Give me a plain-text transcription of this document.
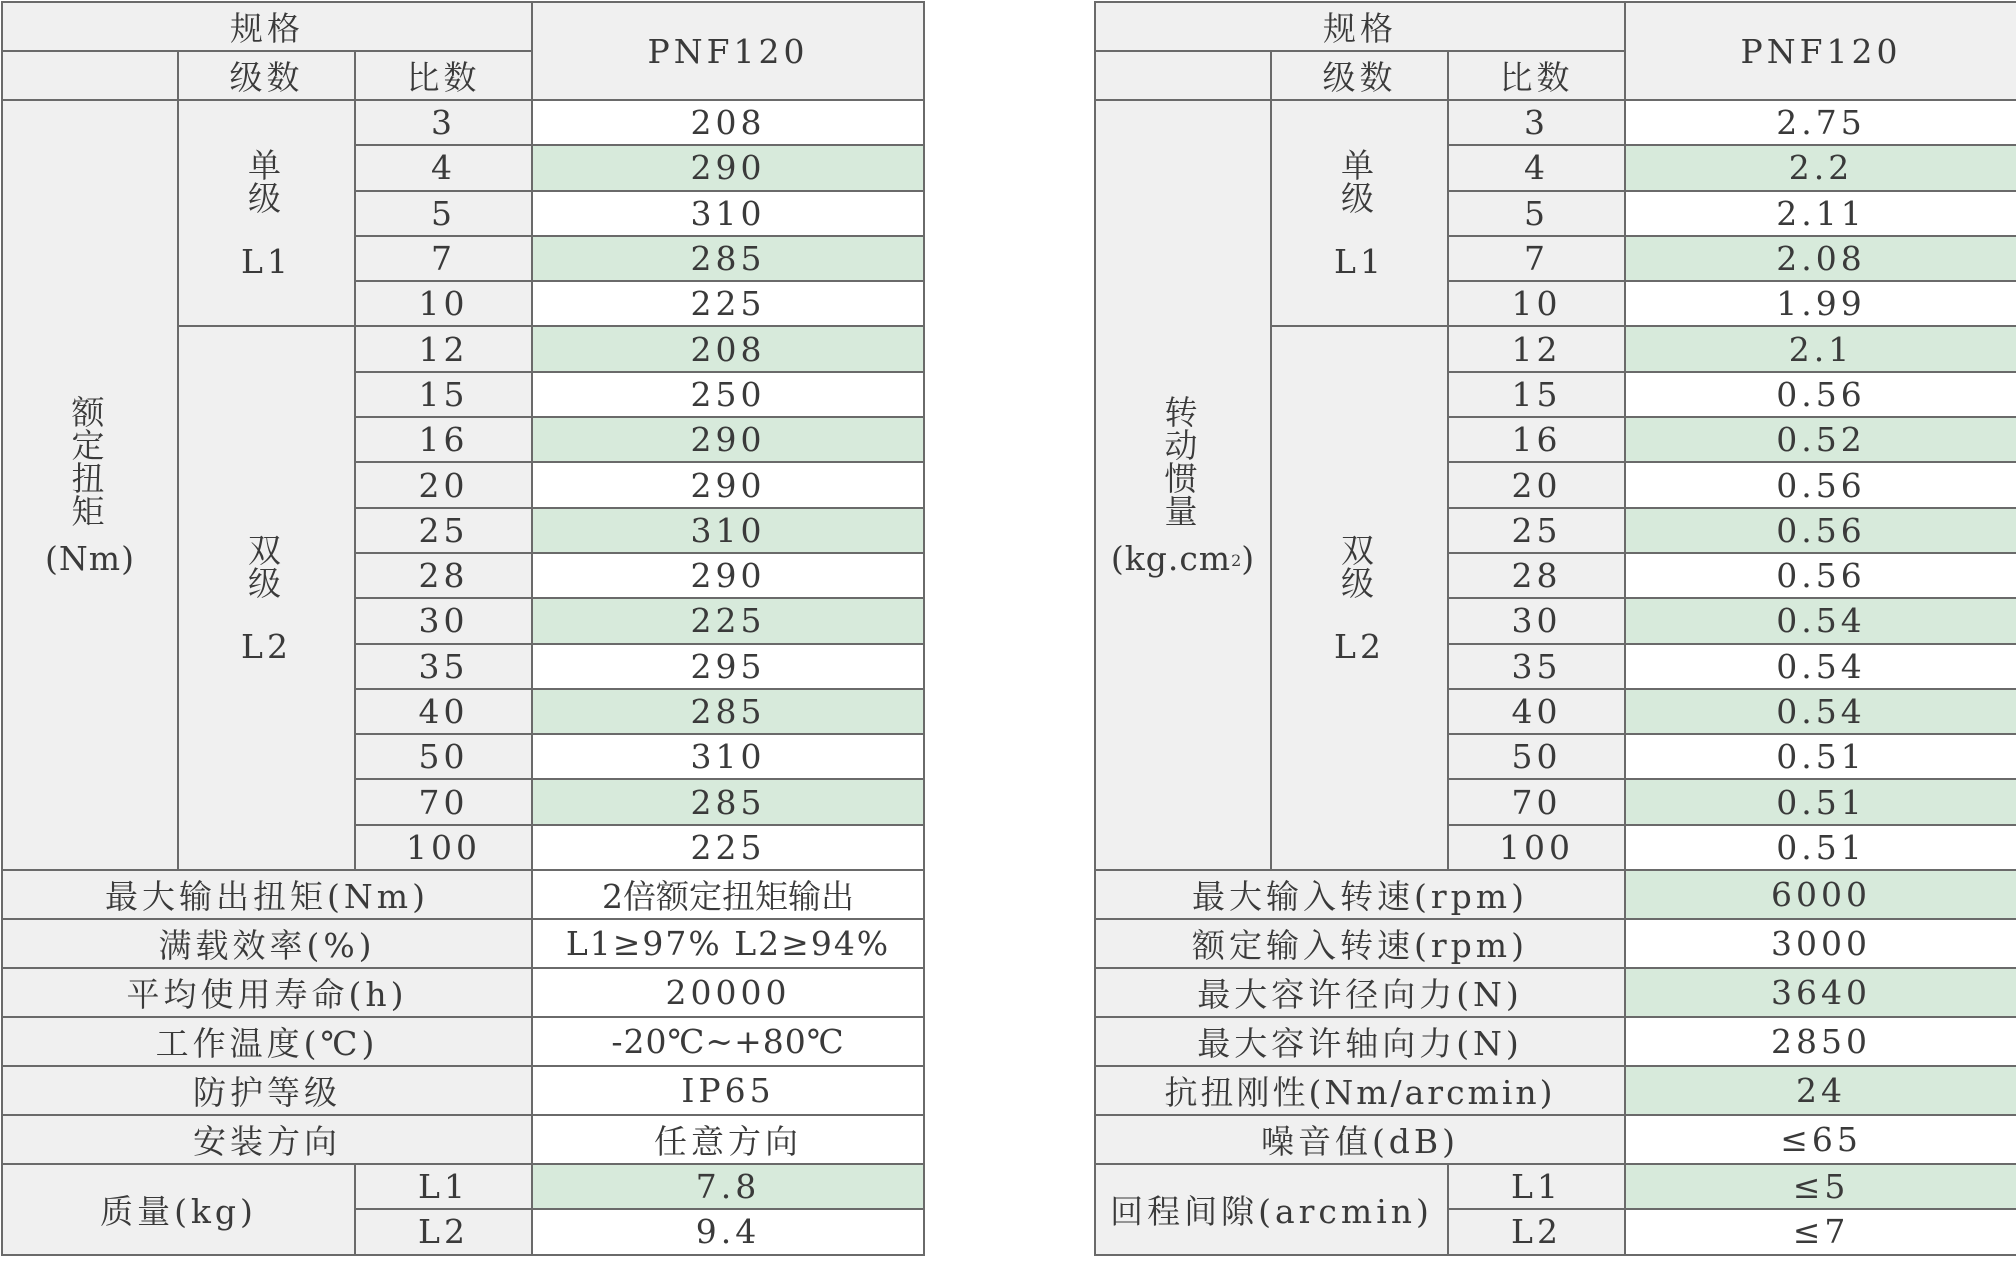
规格			PNF120
	级数	比数	

额
定
扭
矩
(Nm)	单
级
L1	3	208
		4	290
		5	310
		7	285
		10	225

	双
级
L2	12	208
		15	250
		16	290
		20	290
		25	310
		28	290
		30	225
		35	295
		40	285
		50	310
		70	285
		100	225
最大输出扭矩(Nm)			2倍额定扭矩输出
满载效率(%)			L1≥97% L2≥94%
平均使用寿命(h)			20000
工作温度(℃)			-20℃~+80℃
防护等级			IP65
安装方向			任意方向
质量(kg)		L1	7.8
		L2	9.4
规格			PNF120
	级数	比数	

转
动
惯
量
$(kg.cm^2)$	单
级
L1	3	2.75
		4	2.2
		5	2.11
		7	2.08
		10	1.99

	双
级
L2	12	2.1
		15	0.56
		16	0.52
		20	0.56
		25	0.56
		28	0.56
		30	0.54
		35	0.54
		40	0.54
		50	0.51
		70	0.51
		100	0.51
最大输入转速(rpm)			6000
额定输入转速(rpm)			3000
最大容许径向力(N)			3640
最大容许轴向力(N)			2850
抗扭刚性(Nm/arcmin)			24
噪音值(dB)			≤65
回程间隙(arcmin)		L1	≤5
		L2	≤7
